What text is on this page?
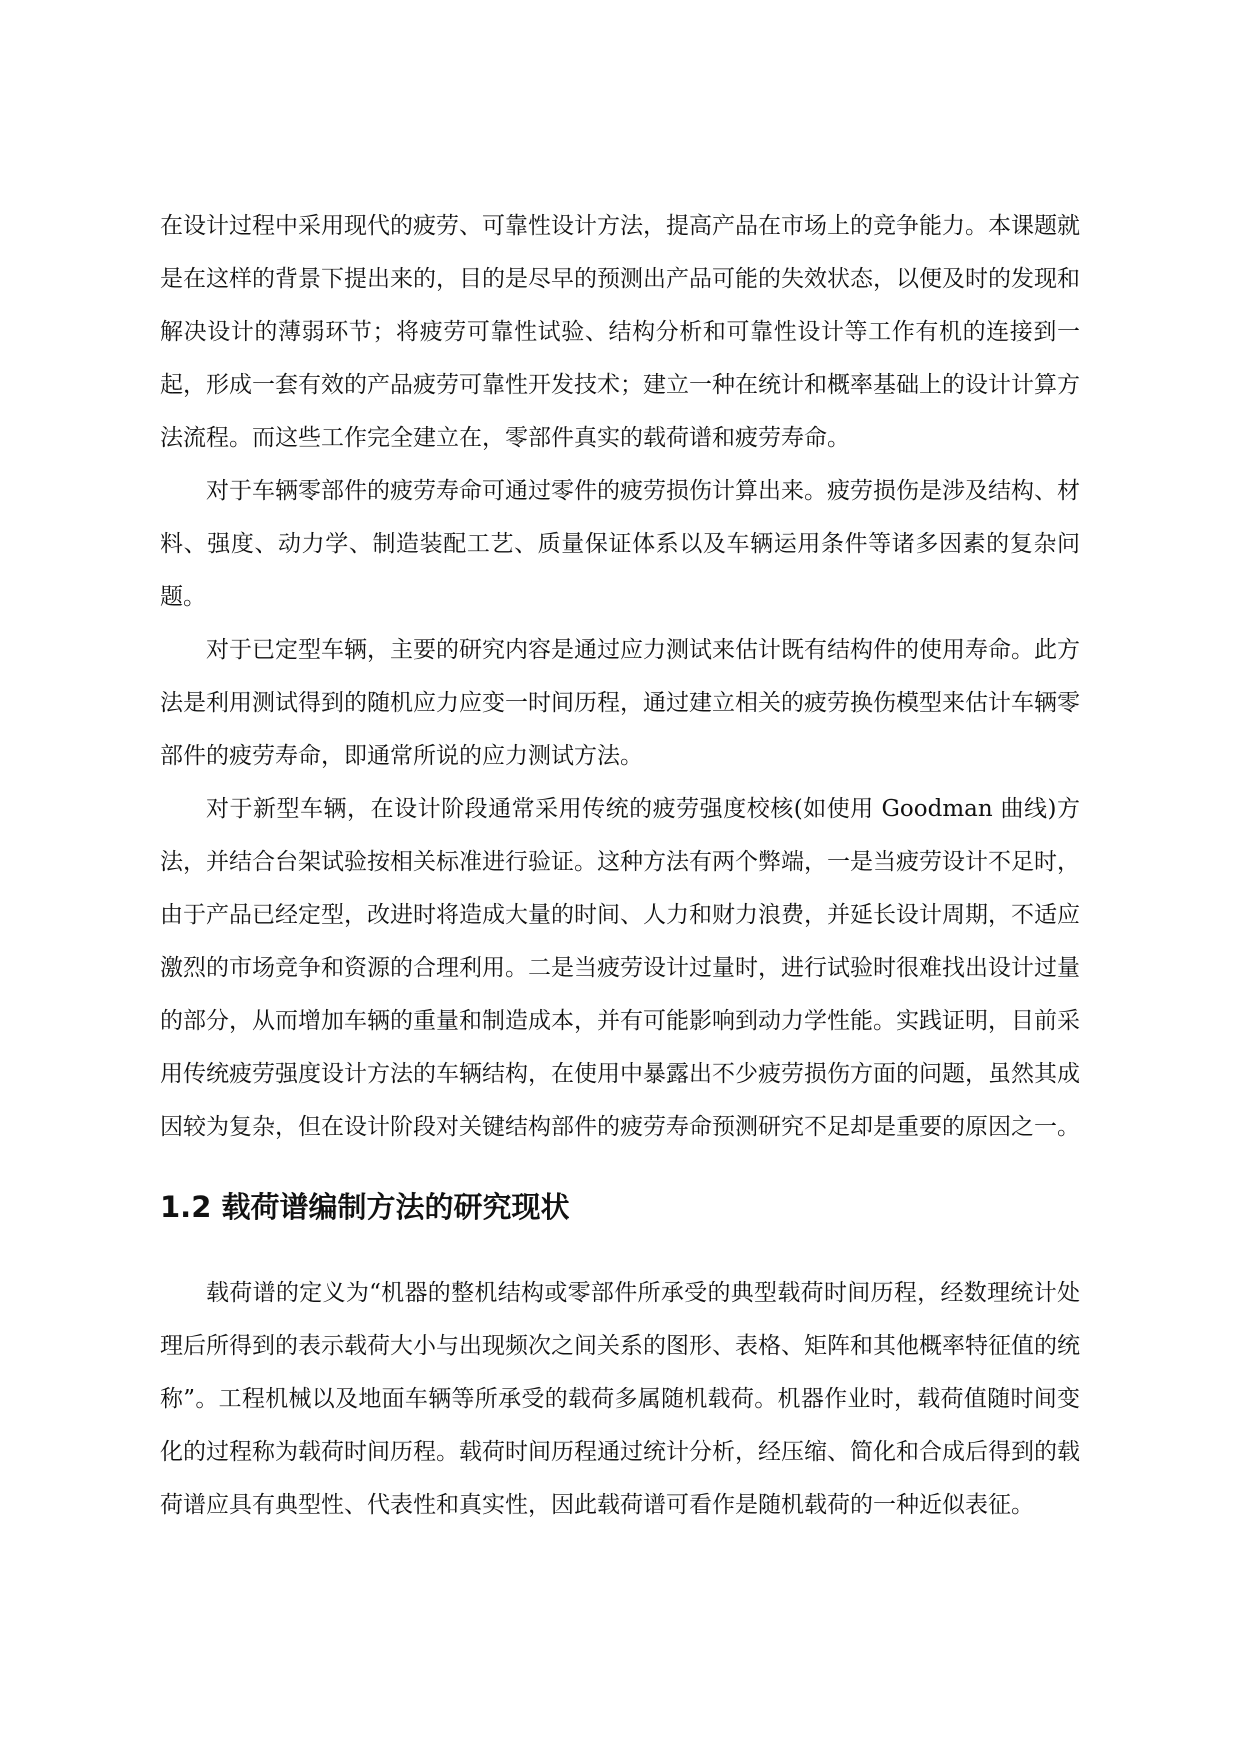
在设计过程中采用现代的疲劳、可靠性设计方法，提高产品在市场上的竞争能力。本课题就是在这样的背景下提出来的，目的是尽早的预测出产品可能的失效状态，以便及时的发现和解决设计的薄弱环节；将疲劳可靠性试验、结构分析和可靠性设计等工作有机的连接到一起，形成一套有效的产品疲劳可靠性开发技术；建立一种在统计和概率基础上的设计计算方法流程。而这些工作完全建立在，零部件真实的载荷谱和疲劳寿命。

对于车辆零部件的疲劳寿命可通过零件的疲劳损伤计算出来。疲劳损伤是涉及结构、材料、强度、动力学、制造装配工艺、质量保证体系以及车辆运用条件等诸多因素的复杂问题。

对于已定型车辆，主要的研究内容是通过应力测试来估计既有结构件的使用寿命。此方法是利用测试得到的随机应力应变一时间历程，通过建立相关的疲劳换伤模型来估计车辆零部件的疲劳寿命，即通常所说的应力测试方法。

对于新型车辆，在设计阶段通常采用传统的疲劳强度校核(如使用 Goodman 曲线)方法，并结合台架试验按相关标准进行验证。这种方法有两个弊端，一是当疲劳设计不足时，由于产品已经定型，改进时将造成大量的时间、人力和财力浪费，并延长设计周期，不适应激烈的市场竞争和资源的合理利用。二是当疲劳设计过量时，进行试验时很难找出设计过量的部分，从而增加车辆的重量和制造成本，并有可能影响到动力学性能。实践证明，目前采用传统疲劳强度设计方法的车辆结构，在使用中暴露出不少疲劳损伤方面的问题，虽然其成因较为复杂，但在设计阶段对关键结构部件的疲劳寿命预测研究不足却是重要的原因之一。

1.2 载荷谱编制方法的研究现状

载荷谱的定义为“机器的整机结构或零部件所承受的典型载荷时间历程，经数理统计处理后所得到的表示载荷大小与出现频次之间关系的图形、表格、矩阵和其他概率特征值的统称”。工程机械以及地面车辆等所承受的载荷多属随机载荷。机器作业时，载荷值随时间变化的过程称为载荷时间历程。载荷时间历程通过统计分析，经压缩、简化和合成后得到的载荷谱应具有典型性、代表性和真实性，因此载荷谱可看作是随机载荷的一种近似表征。
